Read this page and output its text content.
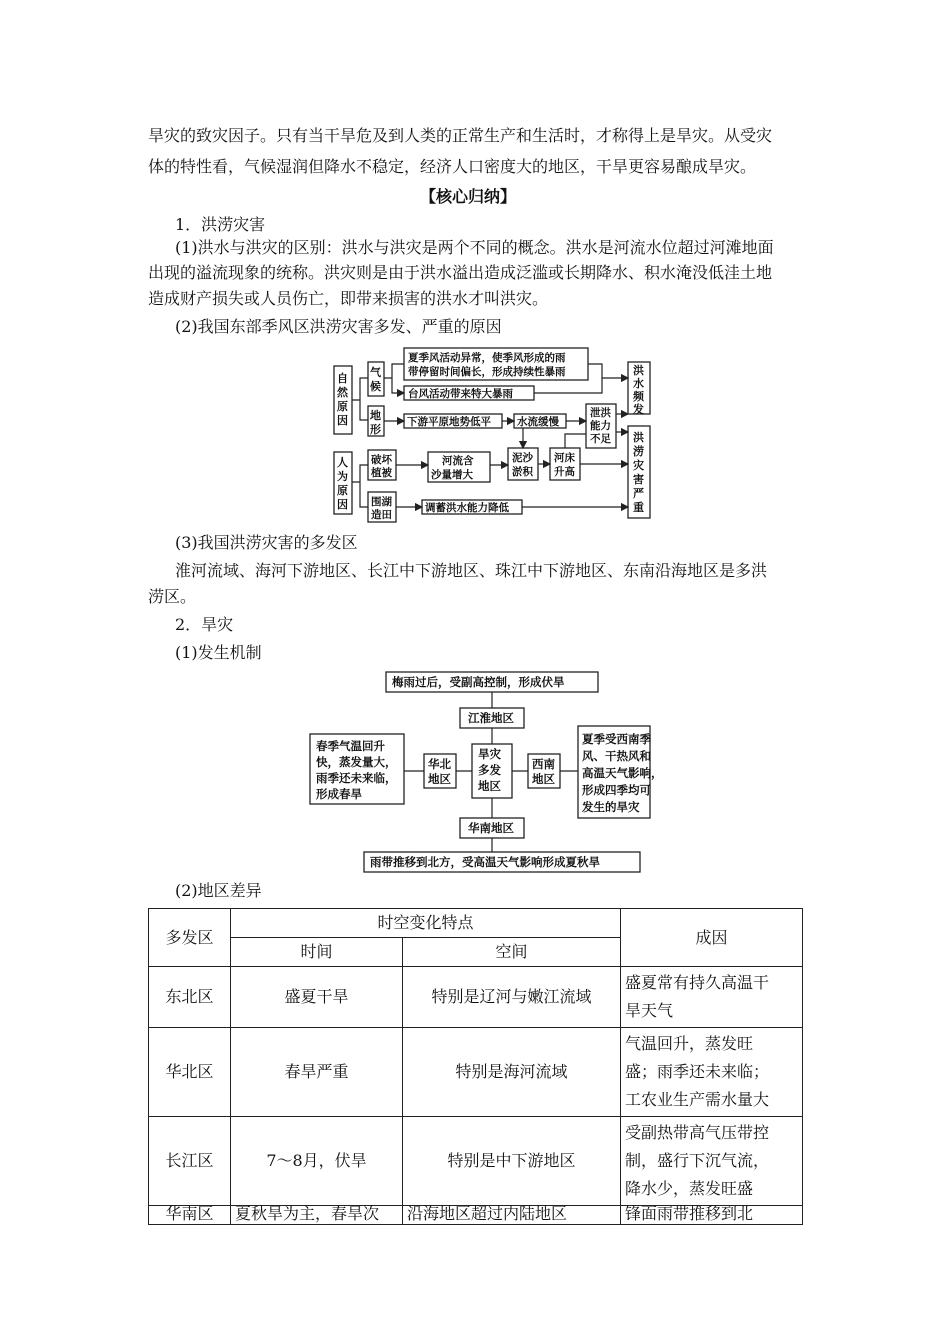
旱灾的致灾因子。只有当干旱危及到人类的正常生产和生活时，才称得上是旱灾。从受灾
体的特性看，气候湿润但降水不稳定，经济人口密度大的地区，干旱更容易酿成旱灾。
【核心归纳】
1．洪涝灾害
(1)洪水与洪灾的区别：洪水与洪灾是两个不同的概念。洪水是河流水位超过河滩地面
出现的溢流现象的统称。洪灾则是由于洪水溢出造成泛滥或长期降水、积水淹没低洼土地
造成财产损失或人员伤亡，即带来损害的洪水才叫洪灾。
(2)我国东部季风区洪涝灾害多发、严重的原因
自然原因
气候
夏季风活动异常，使季风形成的雨带停留时间偏长，形成持续性暴雨
台风活动带来特大暴雨
地形
下游平原地势低平 水流缓慢
泄洪能力不足
洪水频发
洪涝灾害严重
人为原因
破坏植被
河流含沙量增大
泥沙淤积
河床升高
围湖造田
调蓄洪水能力降低
(3)我国洪涝灾害的多发区
淮河流域、海河下游地区、长江中下游地区、珠江中下游地区、东南沿海地区是多洪
涝区。
2．旱灾
(1)发生机制
梅雨过后，受副高控制，形成伏旱
江淮地区
旱灾多发地区
华北地区
西南地区
春季气温回升 快，蒸发量大， 雨季还未来临， 形成春旱
夏季受西南季 风、干热风和 高温天气影响， 形成四季均可 发生的旱灾
华南地区
雨带推移到北方，受高温天气影响形成夏秋旱
(2)地区差异
多发区	时空变化特点		成因
	时间	空间	
东北区	盛夏干旱	特别是辽河与嫩江流域	盛夏常有持久高温干
旱天气
华北区	春旱严重	特别是海河流域	气温回升，蒸发旺
盛；雨季还未来临；
工农业生产需水量大
长江区	7～8月，伏旱	特别是中下游地区	受副热带高气压带控
制，盛行下沉气流，
降水少，蒸发旺盛
华南区	夏秋旱为主，春旱次	沿海地区超过内陆地区	锋面雨带推移到北
